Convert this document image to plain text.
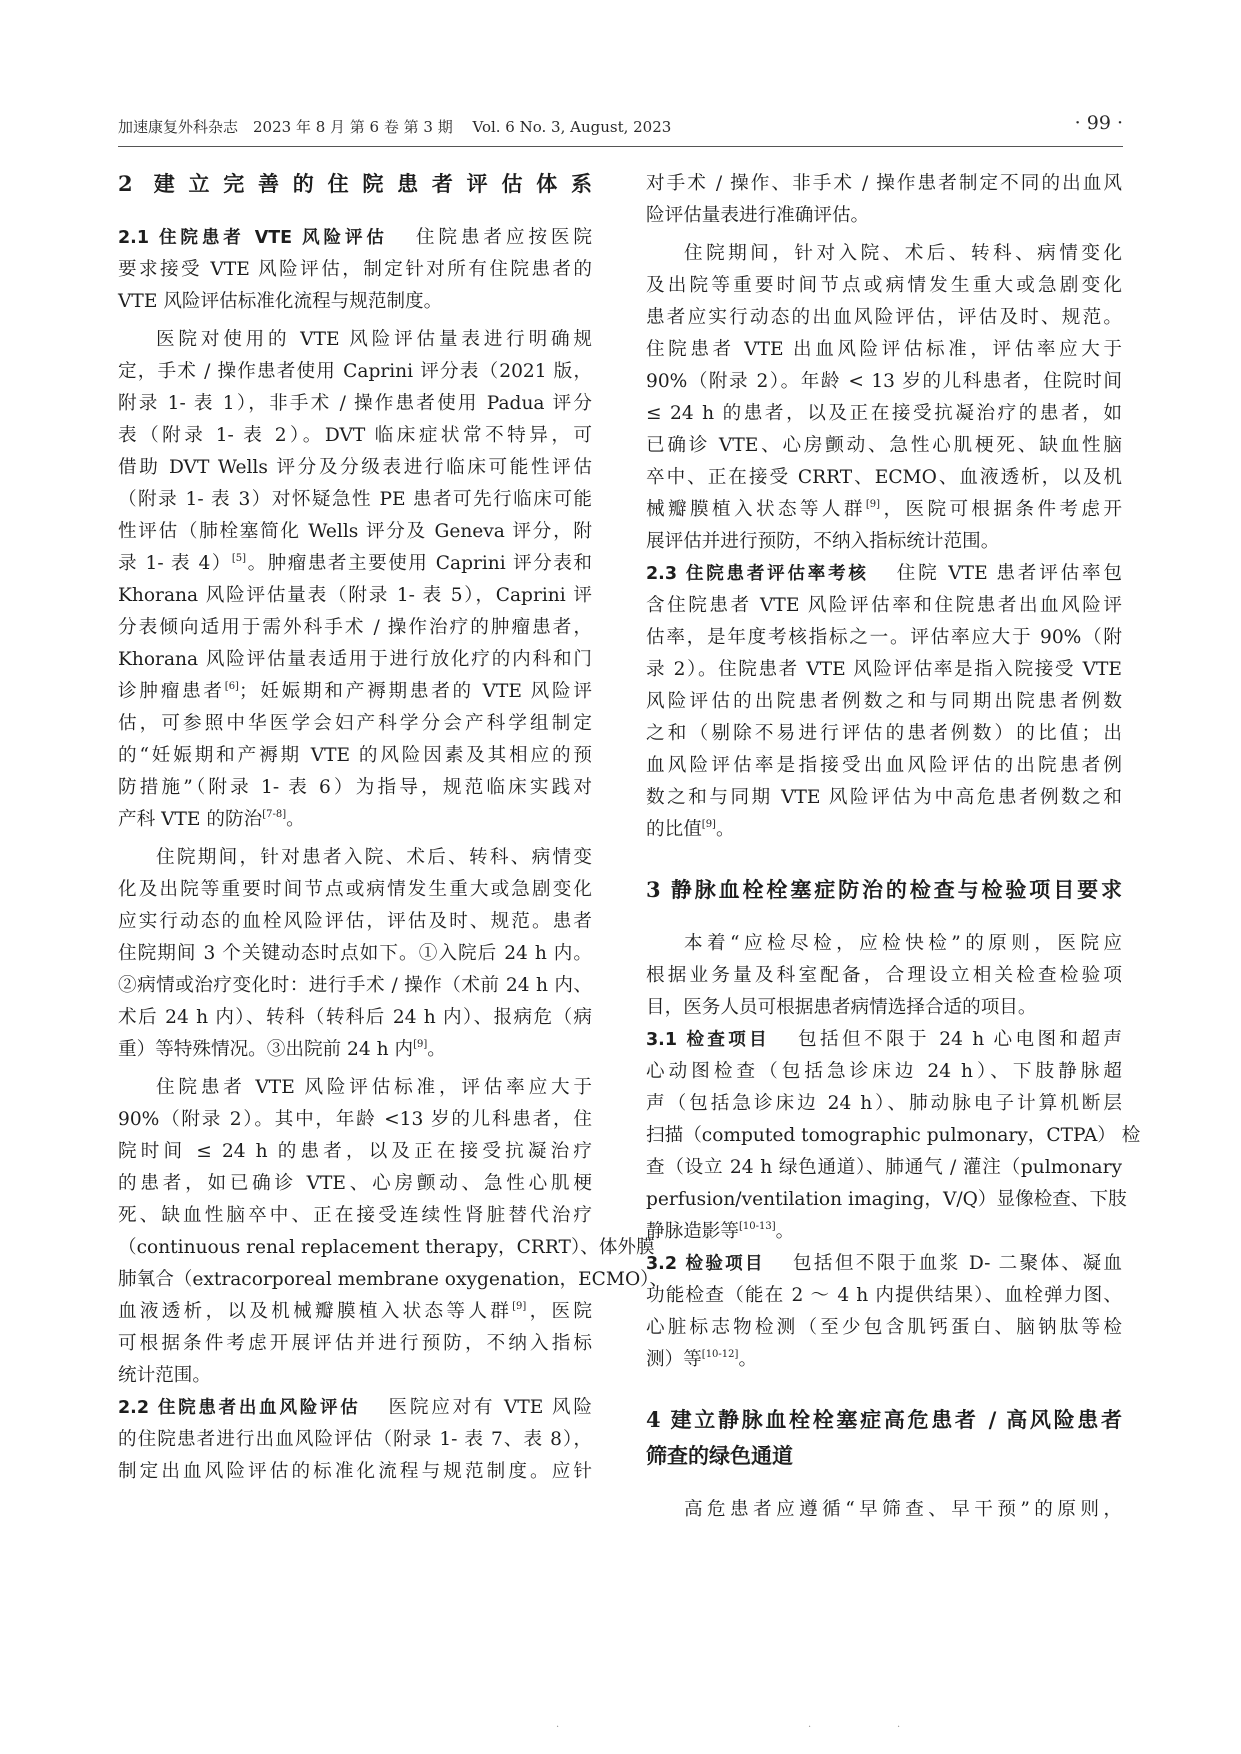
加速康复外科杂志　2023 年 8 月 第 6 卷 第 3 期　 Vol. 6 No. 3, August, 2023	· 99 ·
2 建立完善的住院患者评估体系
2.1 住院患者 VTE 风险评估 住院患者应按医院
要求接受 VTE 风险评估，制定针对所有住院患者的
VTE 风险评估标准化流程与规范制度。
医院对使用的 VTE 风险评估量表进行明确规
定，手术 / 操作患者使用 Caprini 评分表（2021 版，
附录 1- 表 1），非手术 / 操作患者使用 Padua 评分
表（附录 1- 表 2）。DVT 临床症状常不特异，可
借助 DVT Wells 评分及分级表进行临床可能性评估
（附录 1- 表 3）对怀疑急性 PE 患者可先行临床可能
性评估（肺栓塞简化 Wells 评分及 Geneva 评分，附
录 1- 表 4）[5]。肿瘤患者主要使用 Caprini 评分表和
Khorana 风险评估量表（附录 1- 表 5），Caprini 评
分表倾向适用于需外科手术 / 操作治疗的肿瘤患者，
Khorana 风险评估量表适用于进行放化疗的内科和门
诊肿瘤患者[6]；妊娠期和产褥期患者的 VTE 风险评
估，可参照中华医学会妇产科学分会产科学组制定
的“妊娠期和产褥期 VTE 的风险因素及其相应的预
防措施”（附录 1- 表 6）为指导，规范临床实践对
产科 VTE 的防治[7-8]。
住院期间，针对患者入院、术后、转科、病情变
化及出院等重要时间节点或病情发生重大或急剧变化
应实行动态的血栓风险评估，评估及时、规范。患者
住院期间 3 个关键动态时点如下。①入院后 24 h 内。
②病情或治疗变化时：进行手术 / 操作（术前 24 h 内、
术后 24 h 内）、转科（转科后 24 h 内）、报病危（病
重）等特殊情况。③出院前 24 h 内[9]。
住院患者 VTE 风险评估标准，评估率应大于
90%（附录 2）。其中，年龄 <13 岁的儿科患者，住
院时间 ≤ 24 h 的患者，以及正在接受抗凝治疗
的患者，如已确诊 VTE、心房颤动、急性心肌梗
死、缺血性脑卒中、正在接受连续性肾脏替代治疗
（continuous renal replacement therapy，CRRT）、体外膜
肺氧合（extracorporeal membrane oxygenation，ECMO）、
血液透析，以及机械瓣膜植入状态等人群[9]，医院
可根据条件考虑开展评估并进行预防，不纳入指标
统计范围。
2.2 住院患者出血风险评估 医院应对有 VTE 风险
的住院患者进行出血风险评估（附录 1- 表 7、表 8），
制定出血风险评估的标准化流程与规范制度。应针
对手术 / 操作、非手术 / 操作患者制定不同的出血风
险评估量表进行准确评估。
住院期间，针对入院、术后、转科、病情变化
及出院等重要时间节点或病情发生重大或急剧变化
患者应实行动态的出血风险评估，评估及时、规范。
住院患者 VTE 出血风险评估标准，评估率应大于
90%（附录 2）。年龄 < 13 岁的儿科患者，住院时间
≤ 24 h 的患者，以及正在接受抗凝治疗的患者，如
已确诊 VTE、心房颤动、急性心肌梗死、缺血性脑
卒中、正在接受 CRRT、ECMO、血液透析，以及机
械瓣膜植入状态等人群[9]，医院可根据条件考虑开
展评估并进行预防，不纳入指标统计范围。
2.3 住院患者评估率考核 住院 VTE 患者评估率包
含住院患者 VTE 风险评估率和住院患者出血风险评
估率，是年度考核指标之一。评估率应大于 90%（附
录 2）。住院患者 VTE 风险评估率是指入院接受 VTE
风险评估的出院患者例数之和与同期出院患者例数
之和（剔除不易进行评估的患者例数）的比值；出
血风险评估率是指接受出血风险评估的出院患者例
数之和与同期 VTE 风险评估为中高危患者例数之和
的比值[9]。
3 静脉血栓栓塞症防治的检查与检验项目要求
本着“应检尽检，应检快检”的原则，医院应
根据业务量及科室配备，合理设立相关检查检验项
目，医务人员可根据患者病情选择合适的项目。
3.1 检查项目 包括但不限于 24 h 心电图和超声
心动图检查（包括急诊床边 24 h）、下肢静脉超
声（包括急诊床边 24 h）、肺动脉电子计算机断层
扫描（computed tomographic pulmonary，CTPA） 检
查（设立 24 h 绿色通道）、肺通气 / 灌注（pulmonary
perfusion/ventilation imaging，V/Q）显像检查、下肢
静脉造影等[10-13]。
3.2 检验项目 包括但不限于血浆 D- 二聚体、凝血
功能检查（能在 2 ～ 4 h 内提供结果）、血栓弹力图、
心脏标志物检测（至少包含肌钙蛋白、脑钠肽等检
测）等[10-12]。
4 建立静脉血栓栓塞症高危患者 / 高风险患者
筛查的绿色通道
高危患者应遵循“早筛查、早干预”的原则，
·	·	·
